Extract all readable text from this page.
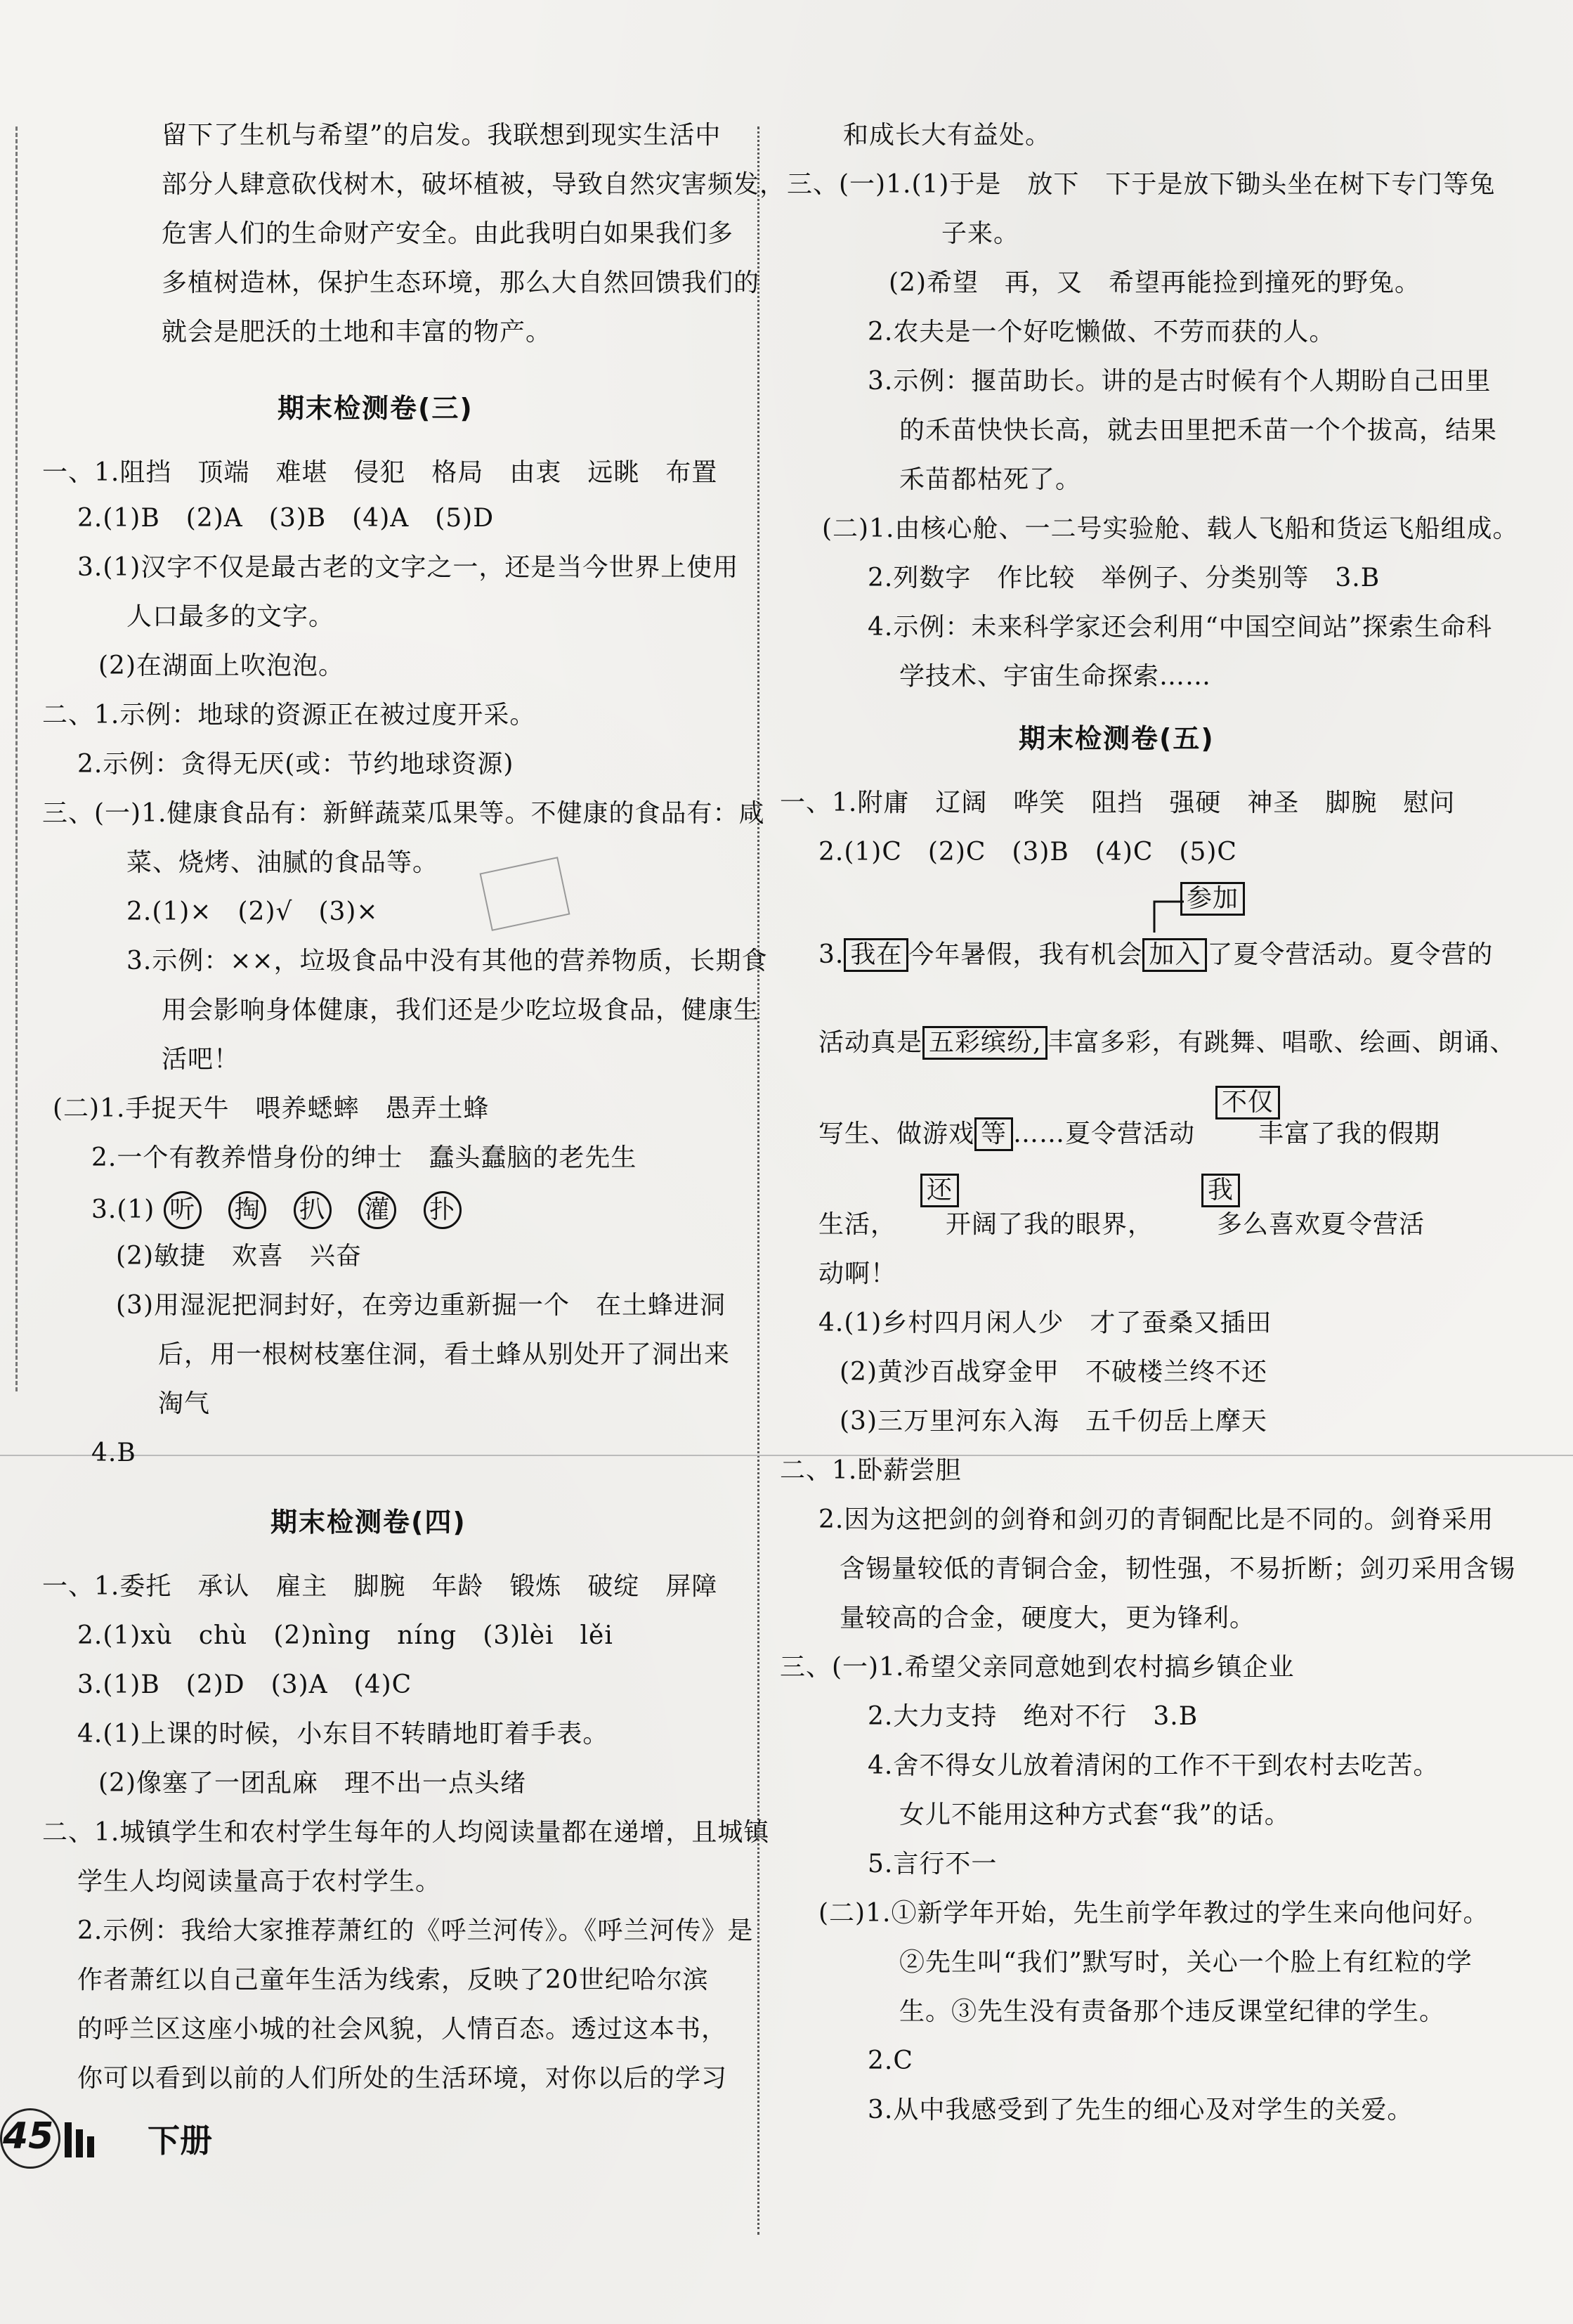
留下了生机与希望”的启发。我联想到现实生活中
部分人肆意砍伐树木，破坏植被，导致自然灾害频发，
危害人们的生命财产安全。由此我明白如果我们多
多植树造林，保护生态环境，那么大自然回馈我们的
就会是肥沃的土地和丰富的物产。
期末检测卷(三)
一、1.阻挡　顶端　难堪　侵犯　格局　由衷　远眺　布置
2.(1)B　(2)A　(3)B　(4)A　(5)D
3.(1)汉字不仅是最古老的文字之一，还是当今世界上使用
人口最多的文字。
(2)在湖面上吹泡泡。
二、1.示例：地球的资源正在被过度开采。
2.示例：贪得无厌(或：节约地球资源)
三、(一)1.健康食品有：新鲜蔬菜瓜果等。不健康的食品有：咸
菜、烧烤、油腻的食品等。
2.(1)×　(2)√　(3)×
3.示例：××，垃圾食品中没有其他的营养物质，长期食
用会影响身体健康，我们还是少吃垃圾食品，健康生
活吧！
(二)1.手捉天牛　喂养蟋蟀　愚弄土蜂
2.一个有教养惜身份的绅士　蠢头蠢脑的老先生
3.(1) 听 掏 扒 灌 扑
(2)敏捷　欢喜　兴奋
(3)用湿泥把洞封好，在旁边重新掘一个　在土蜂进洞
后，用一根树枝塞住洞，看土蜂从别处开了洞出来
淘气
4.B
期末检测卷(四)
一、1.委托　承认　雇主　脚腕　年龄　锻炼　破绽　屏障
2.(1)xù　chù　(2)nìng　níng　(3)lèi　lěi
3.(1)B　(2)D　(3)A　(4)C
4.(1)上课的时候，小东目不转睛地盯着手表。
(2)像塞了一团乱麻　理不出一点头绪
二、1.城镇学生和农村学生每年的人均阅读量都在递增，且城镇
学生人均阅读量高于农村学生。
2.示例：我给大家推荐萧红的《呼兰河传》。《呼兰河传》是
作者萧红以自己童年生活为线索，反映了20世纪哈尔滨
的呼兰区这座小城的社会风貌，人情百态。透过这本书，
你可以看到以前的人们所处的生活环境，对你以后的学习
45	下册
和成长大有益处。
三、(一)1.(1)于是　放下　下于是放下锄头坐在树下专门等兔
子来。
(2)希望　再，又　希望再能捡到撞死的野兔。
2.农夫是一个好吃懒做、不劳而获的人。
3.示例：揠苗助长。讲的是古时候有个人期盼自己田里
的禾苗快快长高，就去田里把禾苗一个个拔高，结果
禾苗都枯死了。
(二)1.由核心舱、一二号实验舱、载人飞船和货运飞船组成。
2.列数字　作比较　举例子、分类别等　3.B
4.示例：未来科学家还会利用“中国空间站”探索生命科
学技术、宇宙生命探索……
期末检测卷(五)
一、1.附庸　辽阔　哗笑　阻挡　强硬　神圣　脚腕　慰问
2.(1)C　(2)C　(3)B　(4)C　(5)C
参加
3. 我在 今年暑假，我有机会 加入 了夏令营活动。夏令营的
活动真是 五彩缤纷, 丰富多彩，有跳舞、唱歌、绘画、朗诵、
不仅
写生、做游戏 等 ……夏令营活动	丰富了我的假期
还	我
生活， 开阔了我的眼界，	多么喜欢夏令营活
动啊！
4.(1)乡村四月闲人少　才了蚕桑又插田
(2)黄沙百战穿金甲　不破楼兰终不还
(3)三万里河东入海　五千仞岳上摩天
二、1.卧薪尝胆
2.因为这把剑的剑脊和剑刃的青铜配比是不同的。剑脊采用
含锡量较低的青铜合金，韧性强，不易折断；剑刃采用含锡
量较高的合金，硬度大，更为锋利。
三、(一)1.希望父亲同意她到农村搞乡镇企业
2.大力支持　绝对不行　3.B
4.舍不得女儿放着清闲的工作不干到农村去吃苦。
女儿不能用这种方式套“我”的话。
5.言行不一
(二)1.①新学年开始，先生前学年教过的学生来向他问好。
②先生叫“我们”默写时，关心一个脸上有红粒的学
生。③先生没有责备那个违反课堂纪律的学生。
2.C
3.从中我感受到了先生的细心及对学生的关爱。
